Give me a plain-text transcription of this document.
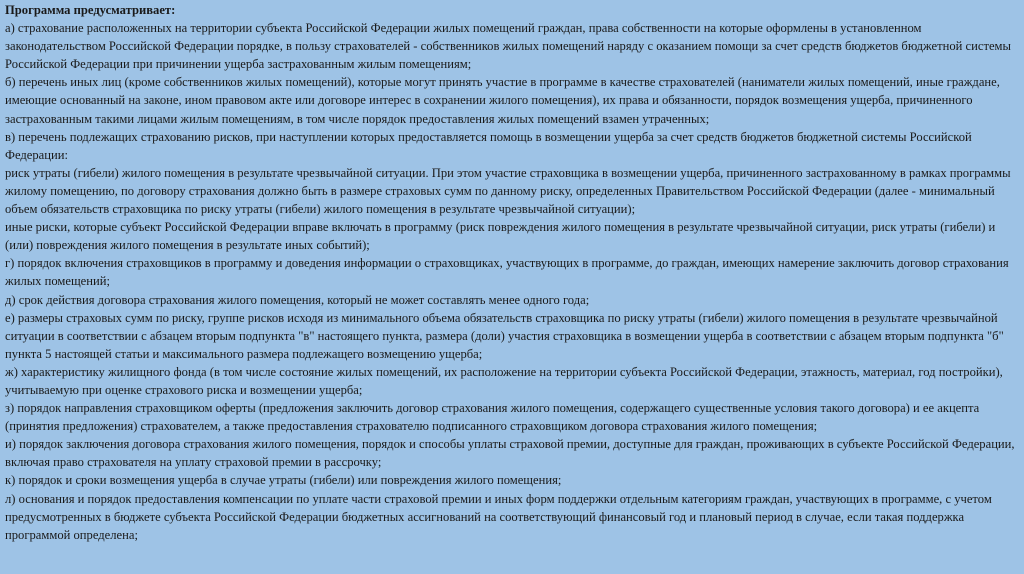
Программа предусматривает:

а) страхование расположенных на территории субъекта Российской Федерации жилых помещений граждан, права собственности на которые оформлены в установленном законодательством Российской Федерации порядке, в пользу страхователей - собственников жилых помещений наряду с оказанием помощи за счет средств бюджетов бюджетной системы Российской Федерации при причинении ущерба застрахованным жилым помещениям;

б) перечень иных лиц (кроме собственников жилых помещений), которые могут принять участие в программе в качестве страхователей (наниматели жилых помещений, иные граждане, имеющие основанный на законе, ином правовом акте или договоре интерес в сохранении жилого помещения), их права и обязанности, порядок возмещения ущерба, причиненного застрахованным такими лицами жилым помещениям, в том числе порядок предоставления жилых помещений взамен утраченных;

в) перечень подлежащих страхованию рисков, при наступлении которых предоставляется помощь в возмещении ущерба за счет средств бюджетов бюджетной системы Российской Федерации:

риск утраты (гибели) жилого помещения в результате чрезвычайной ситуации. При этом участие страховщика в возмещении ущерба, причиненного застрахованному в рамках программы жилому помещению, по договору страхования должно быть в размере страховых сумм по данному риску, определенных Правительством Российской Федерации (далее - минимальный объем обязательств страховщика по риску утраты (гибели) жилого помещения в результате чрезвычайной ситуации);

иные риски, которые субъект Российской Федерации вправе включать в программу (риск повреждения жилого помещения в результате чрезвычайной ситуации, риск утраты (гибели) и (или) повреждения жилого помещения в результате иных событий);

г) порядок включения страховщиков в программу и доведения информации о страховщиках, участвующих в программе, до граждан, имеющих намерение заключить договор страхования жилых помещений;

д) срок действия договора страхования жилого помещения, который не может составлять менее одного года;

е) размеры страховых сумм по риску, группе рисков исходя из минимального объема обязательств страховщика по риску утраты (гибели) жилого помещения в результате чрезвычайной ситуации в соответствии с абзацем вторым подпункта "в" настоящего пункта, размера (доли) участия страховщика в возмещении ущерба в соответствии с абзацем вторым подпункта "б" пункта 5 настоящей статьи и максимального размера подлежащего возмещению ущерба;

ж) характеристику жилищного фонда (в том числе состояние жилых помещений, их расположение на территории субъекта Российской Федерации, этажность, материал, год постройки), учитываемую при оценке страхового риска и возмещении ущерба;

з) порядок направления страховщиком оферты (предложения заключить договор страхования жилого помещения, содержащего существенные условия такого договора) и ее акцепта (принятия предложения) страхователем, а также предоставления страхователю подписанного страховщиком договора страхования жилого помещения;

и) порядок заключения договора страхования жилого помещения, порядок и способы уплаты страховой премии, доступные для граждан, проживающих в субъекте Российской Федерации, включая право страхователя на уплату страховой премии в рассрочку;

к) порядок и сроки возмещения ущерба в случае утраты (гибели) или повреждения жилого помещения;

л) основания и порядок предоставления компенсации по уплате части страховой премии и иных форм поддержки отдельным категориям граждан, участвующих в программе, с учетом предусмотренных в бюджете субъекта Российской Федерации бюджетных ассигнований на соответствующий финансовый год и плановый период в случае, если такая поддержка программой определена;
